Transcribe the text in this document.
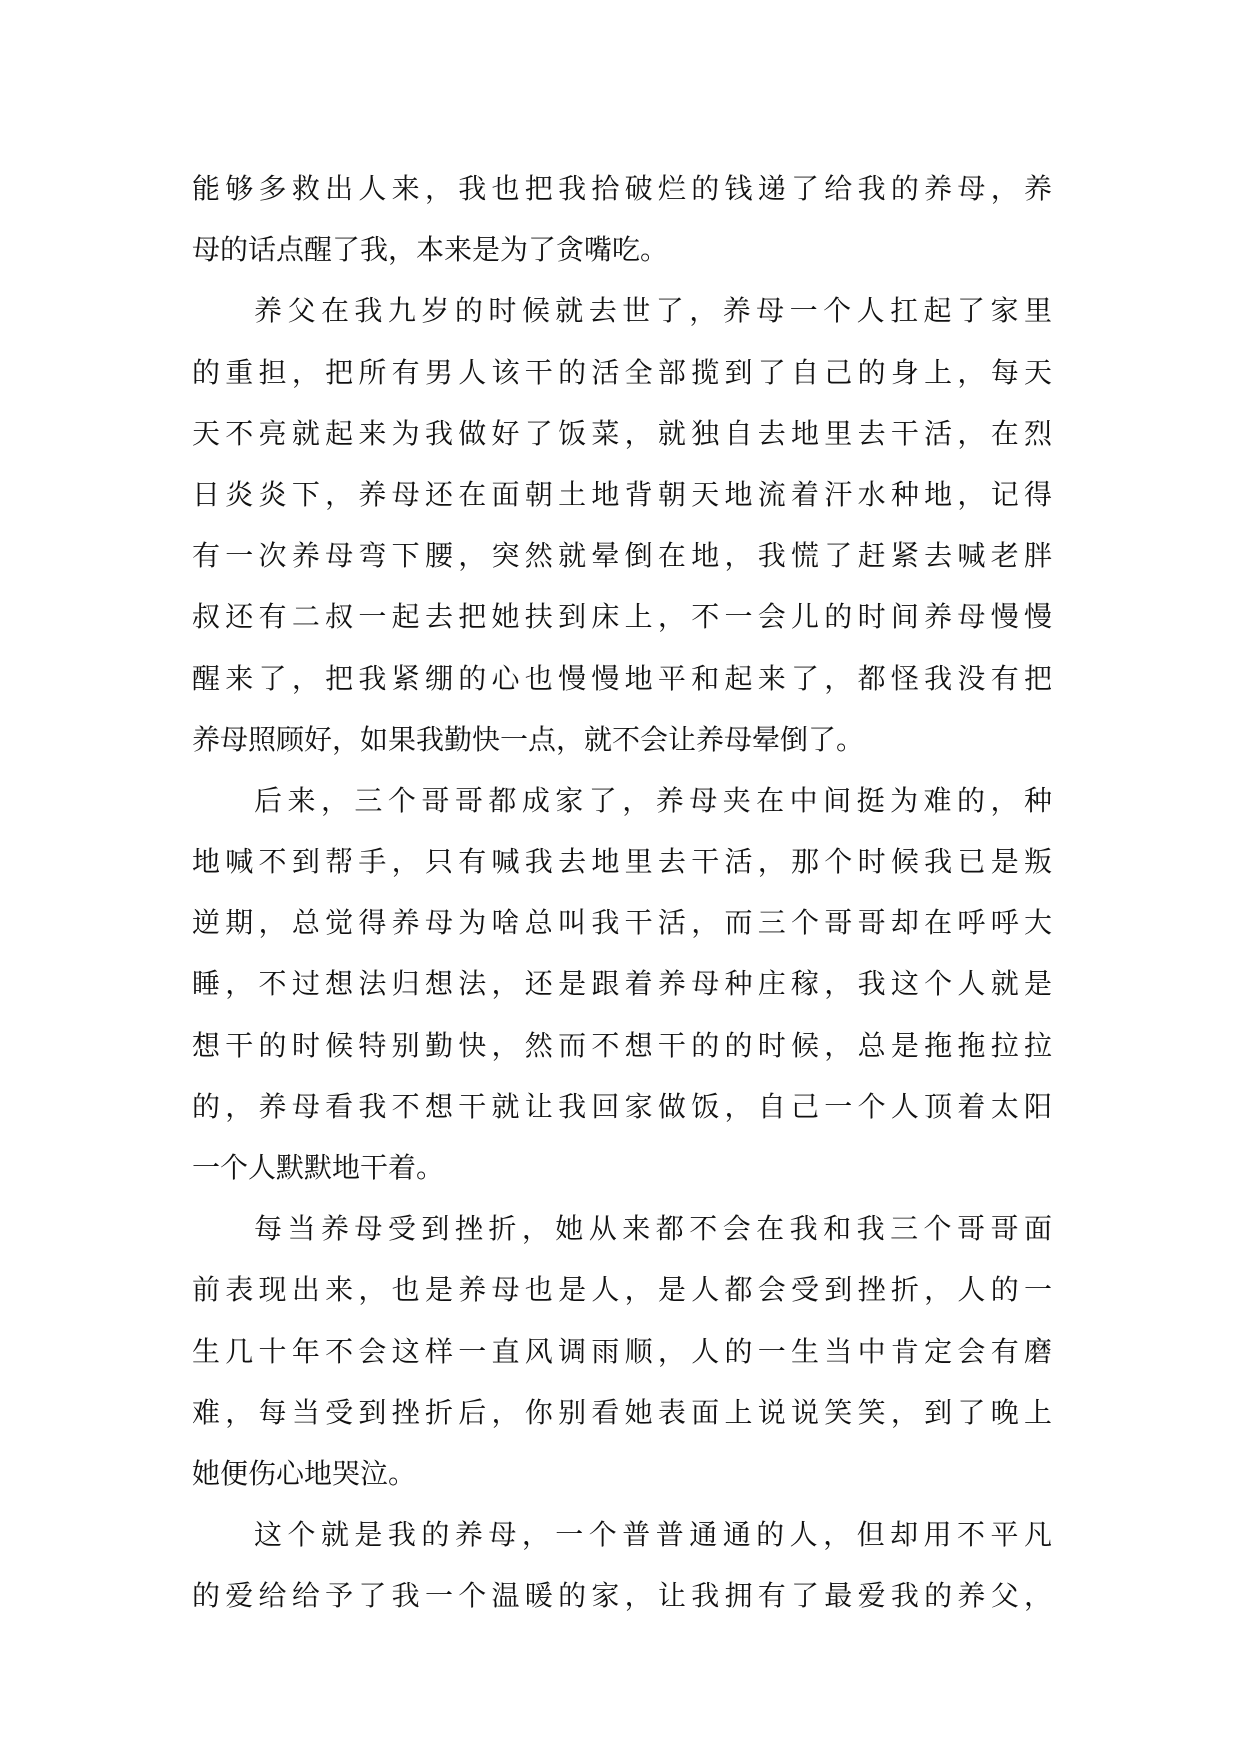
能够多救出人来，我也把我拾破烂的钱递了给我的养母，养
母的话点醒了我，本来是为了贪嘴吃。
养父在我九岁的时候就去世了，养母一个人扛起了家里
的重担，把所有男人该干的活全部揽到了自己的身上，每天
天不亮就起来为我做好了饭菜，就独自去地里去干活，在烈
日炎炎下，养母还在面朝土地背朝天地流着汗水种地，记得
有一次养母弯下腰，突然就晕倒在地，我慌了赶紧去喊老胖
叔还有二叔一起去把她扶到床上，不一会儿的时间养母慢慢
醒来了，把我紧绷的心也慢慢地平和起来了，都怪我没有把
养母照顾好，如果我勤快一点，就不会让养母晕倒了。
后来，三个哥哥都成家了，养母夹在中间挺为难的，种
地喊不到帮手，只有喊我去地里去干活，那个时候我已是叛
逆期，总觉得养母为啥总叫我干活，而三个哥哥却在呼呼大
睡，不过想法归想法，还是跟着养母种庄稼，我这个人就是
想干的时候特别勤快，然而不想干的的时候，总是拖拖拉拉
的，养母看我不想干就让我回家做饭，自己一个人顶着太阳
一个人默默地干着。
每当养母受到挫折，她从来都不会在我和我三个哥哥面
前表现出来，也是养母也是人，是人都会受到挫折，人的一
生几十年不会这样一直风调雨顺，人的一生当中肯定会有磨
难，每当受到挫折后，你别看她表面上说说笑笑，到了晚上
她便伤心地哭泣。
这个就是我的养母，一个普普通通的人，但却用不平凡
的爱给给予了我一个温暖的家，让我拥有了最爱我的养父，
